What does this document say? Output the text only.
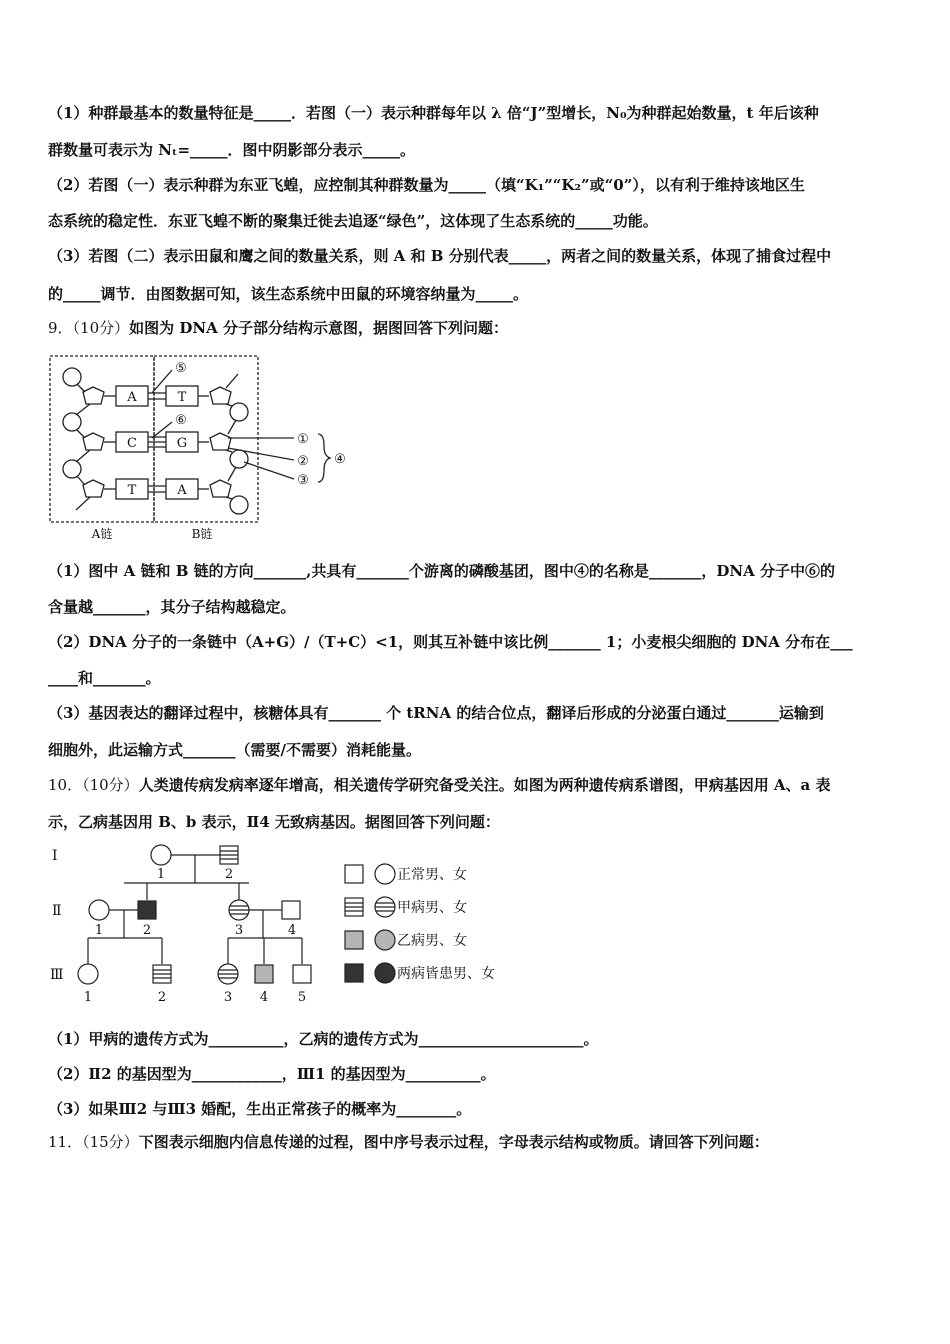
（1）种群最基本的数量特征是_____．若图（一）表示种群每年以 λ 倍“J”型增长，N₀为种群起始数量，t 年后该种
群数量可表示为 Nₜ=_____．图中阴影部分表示_____。
（2）若图（一）表示种群为东亚飞蝗，应控制其种群数量为_____（填“K₁”“K₂”或“0”），以有利于维持该地区生
态系统的稳定性．东亚飞蝗不断的聚集迁徙去追逐“绿色”，这体现了生态系统的_____功能。
（3）若图（二）表示田鼠和鹰之间的数量关系，则 A 和 B 分别代表_____，两者之间的数量关系，体现了捕食过程中
的_____调节．由图数据可知，该生态系统中田鼠的环境容纳量为_____。
9．（10分）如图为 DNA 分子部分结构示意图，据图回答下列问题：
A
C
T
T
G
A
⑤
⑥
①
②
③
④
A链	B链
（1）图中 A 链和 B 链的方向_______,共具有_______个游离的磷酸基团，图中④的名称是_______，DNA 分子中⑥的
含量越_______，其分子结构越稳定。
（2）DNA 分子的一条链中（A+G）/（T+C）<1，则其互补链中该比例_______ 1；小麦根尖细胞的 DNA 分布在___
____和_______。
（3）基因表达的翻译过程中，核糖体具有_______ 个 tRNA 的结合位点，翻译后形成的分泌蛋白通过_______运输到
细胞外，此运输方式_______（需要/不需要）消耗能量。
10．（10分）人类遗传病发病率逐年增高，相关遗传学研究备受关注。如图为两种遗传病系谱图，甲病基因用 A、a 表
示，乙病基因用 B、b 表示，Ⅱ4 无致病基因。据图回答下列问题：
Ⅰ
Ⅱ
Ⅲ
1	2
1	2	3	4
1	2	3 4 5
正常男、女
甲病男、女
乙病男、女
两病皆患男、女
（1）甲病的遗传方式为__________，乙病的遗传方式为______________________。
（2）Ⅱ2 的基因型为____________，Ⅲ1 的基因型为__________。
（3）如果Ⅲ2 与Ⅲ3 婚配，生出正常孩子的概率为________。
11．（15分）下图表示细胞内信息传递的过程，图中序号表示过程，字母表示结构或物质。请回答下列问题：
